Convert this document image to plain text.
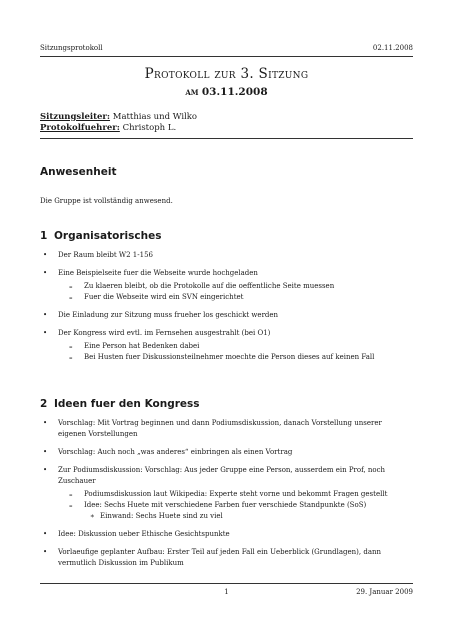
Sitzungsprotokoll	02.11.2008
Protokoll zur 3. Sitzung
am 03.11.2008
Sitzungsleiter: Matthias und Wilko
Protokolfuehrer: Christoph L.
Anwesenheit
Die Gruppe ist vollständig anwesend.
1 Organisatorisches
• Der Raum bleibt W2 1-156
• Eine Beispielseite fuer die Webseite wurde hochgeladen
– Zu klaeren bleibt, ob die Protokolle auf die oeffentliche Seite muessen
– Fuer die Webseite wird ein SVN eingerichtet
• Die Einladung zur Sitzung muss frueher los geschickt werden
• Der Kongress wird evtl. im Fernsehen ausgestrahlt (bei O1)
– Eine Person hat Bedenken dabei
– Bei Husten fuer Diskussionsteilnehmer moechte die Person dieses auf keinen Fall
2 Ideen fuer den Kongress
• Vorschlag: Mit Vortrag beginnen und dann Podiumsdiskussion, danach Vorstellung unserer eigenen Vorstellungen
• Vorschlag: Auch noch „was anderes“ einbringen als einen Vortrag
• Zur Podiumsdiskussion: Vorschlag: Aus jeder Gruppe eine Person, ausserdem ein Prof, noch Zuschauer
– Podiumsdiskussion laut Wikipedia: Experte steht vorne und bekommt Fragen gestellt
– Idee: Sechs Huete mit verschiedene Farben fuer verschiede Standpunkte (SoS)
∗ Einwand: Sechs Huete sind zu viel
• Idee: Diskussion ueber Ethische Gesichtspunkte
• Vorlaeufige geplanter Aufbau: Erster Teil auf jeden Fall ein Ueberblick (Grundlagen), dann vermutlich Diskussion im Publikum
1	29. Januar 2009
